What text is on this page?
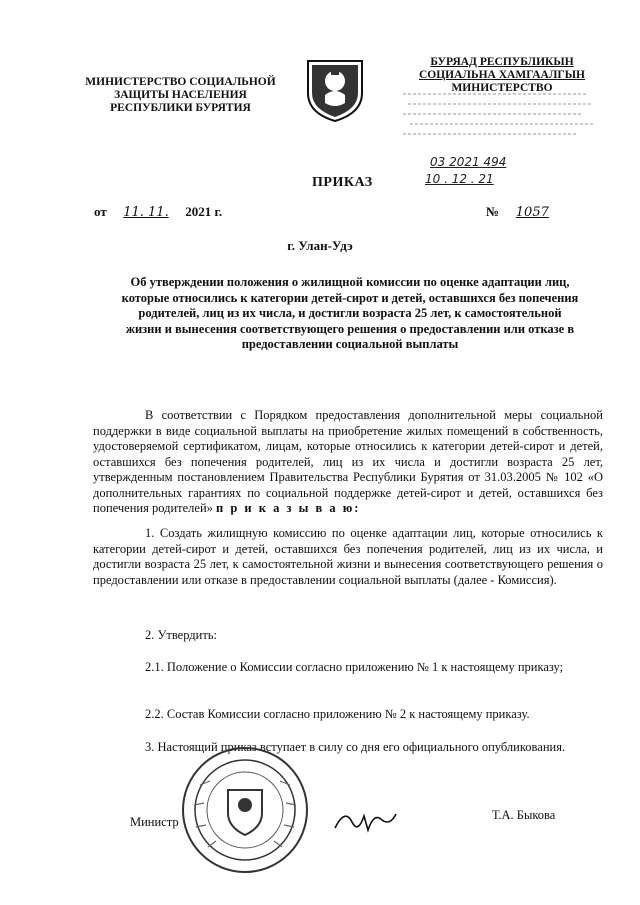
МИНИСТЕРСТВО СОЦИАЛЬНОЙ ЗАЩИТЫ НАСЕЛЕНИЯ РЕСПУБЛИКИ БУРЯТИЯ
БУРЯАД РЕСПУБЛИКЫН
СОЦИАЛЬНА ХАМГААЛГЫН
МИНИСТЕРСТВО
03 2021 494
10 . 12 . 21
ПРИКАЗ
от 11. 11. 2021 г.	№ 1057
г. Улан-Удэ
Об утверждении положения о жилищной комиссии по оценке адаптации лиц, которые относились к категории детей-сирот и детей, оставшихся без попечения родителей, лиц из их числа, и достигли возраста 25 лет, к самостоятельной жизни и вынесения соответствующего решения о предоставлении или отказе в предоставлении социальной выплаты
В соответствии с Порядком предоставления дополнительной меры социальной поддержки в виде социальной выплаты на приобретение жилых помещений в собственность, удостоверяемой сертификатом, лицам, которые относились к категории детей-сирот и детей, оставшихся без попечения родителей, лиц из их числа и достигли возраста 25 лет, утвержденным постановлением Правительства Республики Бурятия от 31.03.2005 № 102 «О дополнительных гарантиях по социальной поддержке детей-сирот и детей, оставшихся без попечения родителей» п р и к а з ы в а ю:
1. Создать жилищную комиссию по оценке адаптации лиц, которые относились к категории детей-сирот и детей, оставшихся без попечения родителей, лиц из их числа, и достигли возраста 25 лет, к самостоятельной жизни и вынесения соответствующего решения о предоставлении или отказе в предоставлении социальной выплаты (далее - Комиссия).
2. Утвердить:
2.1. Положение о Комиссии согласно приложению № 1 к настоящему приказу;
2.2. Состав Комиссии согласно приложению № 2 к настоящему приказу.
3. Настоящий приказ вступает в силу со дня его официального опубликования.
Министр	Т.А. Быкова
